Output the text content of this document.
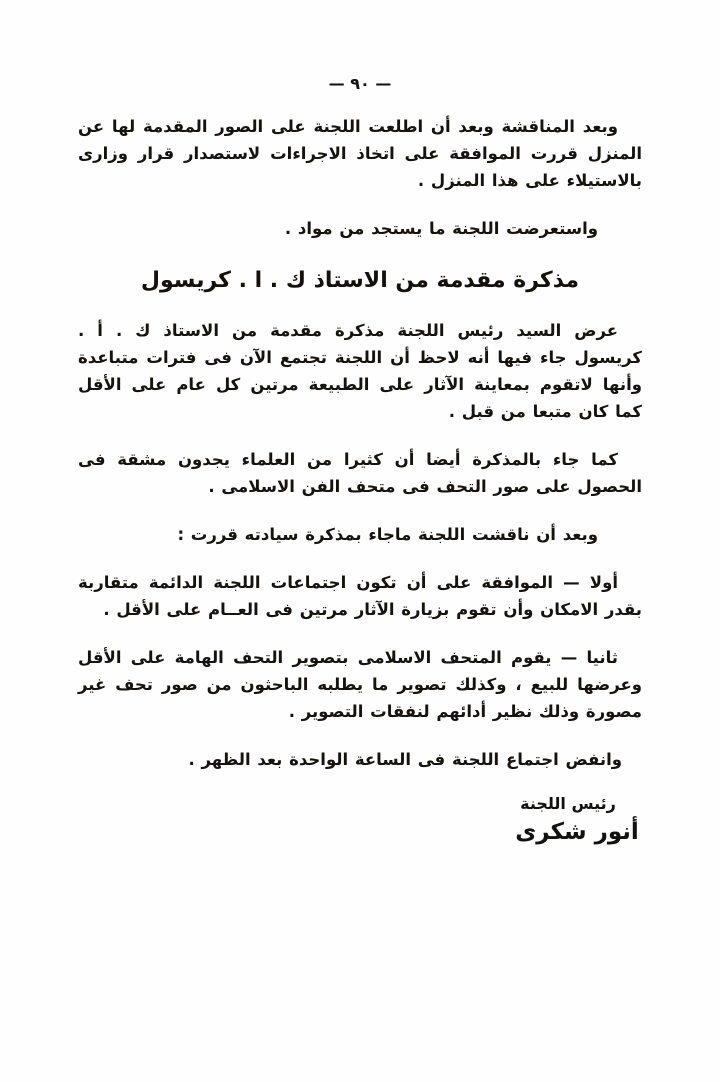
— ٩٠ —

وبعد المناقشة وبعد أن اطلعت اللجنة على الصور المقدمة لها عن المنزل قررت الموافقة على اتخاذ الاجراءات لاستصدار قرار وزارى بالاستيلاء على هذا المنزل .

واستعرضت اللجنة ما يستجد من مواد .

مذكرة مقدمة من الاستاذ ك . ا . كريسول

عرض السيد رئيس اللجنة مذكرة مقدمة من الاستاذ ك . أ . كريسول جاء فيها أنه لاحظ أن اللجنة تجتمع الآن فى فترات متباعدة وأنها لاتقوم بمعاينة الآثار على الطبيعة مرتين كل عام على الأقل كما كان متبعا من قبل .

كما جاء بالمذكرة أيضا أن كثيرا من العلماء يجدون مشقة فى الحصول على صور التحف فى متحف الفن الاسلامى .

وبعد أن ناقشت اللجنة ماجاء بمذكرة سيادته قررت :

أولا — الموافقة على أن تكون اجتماعات اللجنة الدائمة متقاربة بقدر الامكان وأن تقوم بزيارة الآثار مرتين فى العــام على الأقل .

ثانيا — يقوم المتحف الاسلامى بتصوير التحف الهامة على الأقل وعرضها للبيع ، وكذلك تصوير ما يطلبه الباحثون من صور تحف غير مصورة وذلك نظير أدائهم لنفقات التصوير .

وانفض اجتماع اللجنة فى الساعة الواحدة بعد الظهر .

رئيس اللجنة
أنور شكرى
